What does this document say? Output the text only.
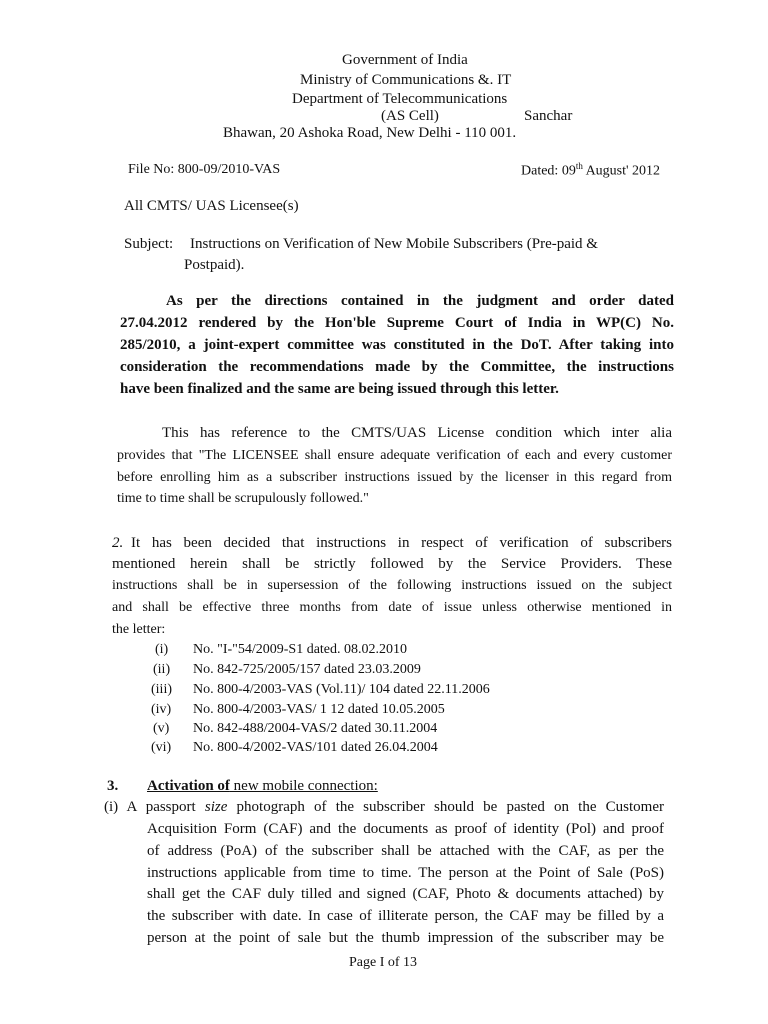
Government of India
Ministry of Communications &. IT
Department of Telecommunications
(AS Cell)	Sanchar
Bhawan, 20 Ashoka Road, New Delhi - 110 001.
File No: 800-09/2010-VAS	Dated: 09th August' 2012
All CMTS/ UAS Licensee(s)
Subject: Instructions on Verification of New Mobile Subscribers (Pre-paid &
Postpaid).
As per the directions contained in the judgment and order dated
27.04.2012 rendered by the Hon'ble Supreme Court of India in WP(C) No.
285/2010, a joint-expert committee was constituted in the DoT. After taking into
consideration the recommendations made by the Committee, the instructions
have been finalized and the same are being issued through this letter.
This has reference to the CMTS/UAS License condition which inter alia
provides that "The LICENSEE shall ensure adequate verification of each and every customer
before enrolling him as a subscriber instructions issued by the licenser in this regard from
time to time shall be scrupulously followed."
2. It has been decided that instructions in respect of verification of subscribers
mentioned herein shall be strictly followed by the Service Providers. These
instructions shall be in supersession of the following instructions issued on the subject
and shall be effective three months from date of issue unless otherwise mentioned in
the letter:
(i) No. "I-"54/2009-S1 dated. 08.02.2010
(ii) No. 842-725/2005/157 dated 23.03.2009
(iii) No. 800-4/2003-VAS (Vol.11)/ 104 dated 22.11.2006
(iv) No. 800-4/2003-VAS/ 1 12 dated 10.05.2005
(v) No. 842-488/2004-VAS/2 dated 30.11.2004
(vi) No. 800-4/2002-VAS/101 dated 26.04.2004
3. Activation of new mobile connection:
(i) A passport size photograph of the subscriber should be pasted on the Customer
Acquisition Form (CAF) and the documents as proof of identity (Pol) and proof
of address (PoA) of the subscriber shall be attached with the CAF, as per the
instructions applicable from time to time. The person at the Point of Sale (PoS)
shall get the CAF duly tilled and signed (CAF, Photo & documents attached) by
the subscriber with date. In case of illiterate person, the CAF may be filled by a
person at the point of sale but the thumb impression of the subscriber may be
Page I of 13
